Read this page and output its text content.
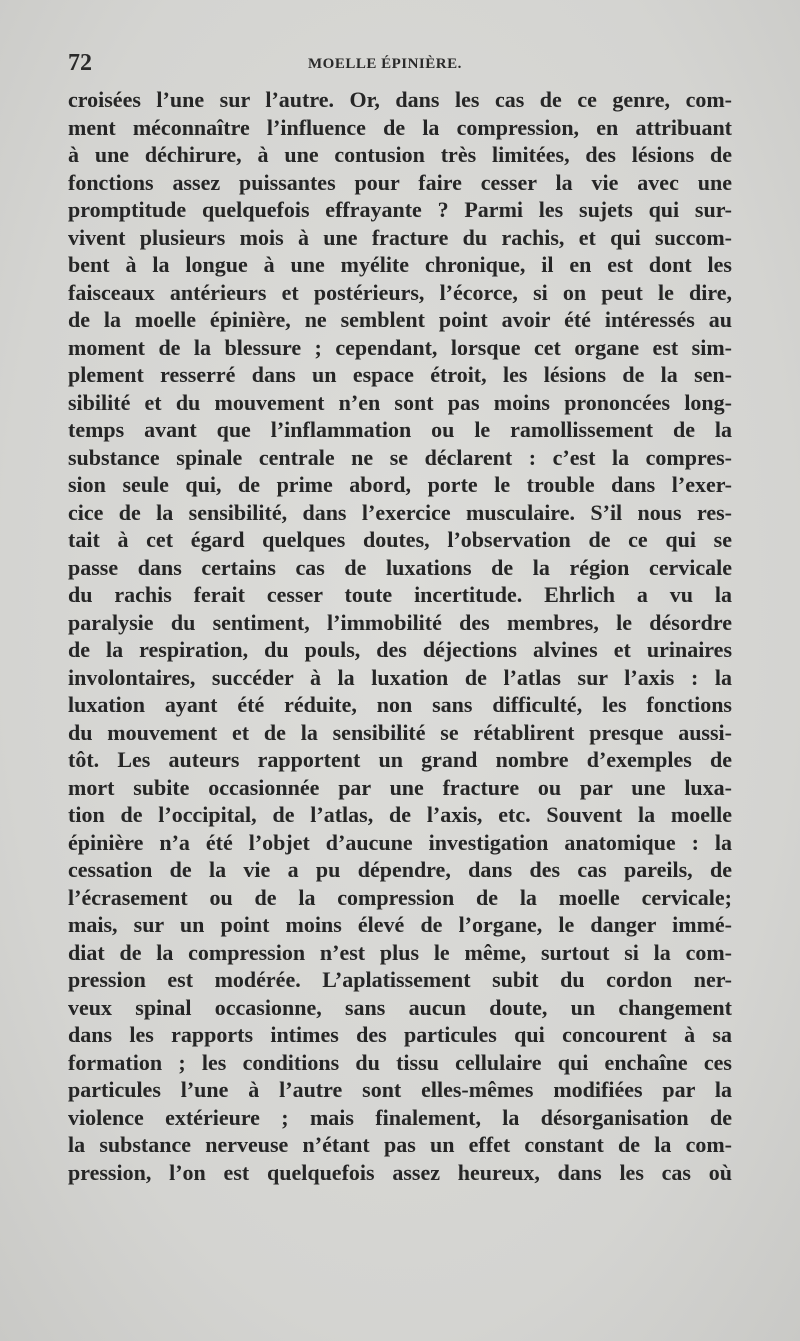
72	MOELLE ÉPINIÈRE.
croisées l’une sur l’autre. Or, dans les cas de ce genre, com-
ment méconnaître l’influence de la compression, en attribuant
à une déchirure, à une contusion très limitées, des lésions de
fonctions assez puissantes pour faire cesser la vie avec une
promptitude quelquefois effrayante ? Parmi les sujets qui sur-
vivent plusieurs mois à une fracture du rachis, et qui succom-
bent à la longue à une myélite chronique, il en est dont les
faisceaux antérieurs et postérieurs, l’écorce, si on peut le dire,
de la moelle épinière, ne semblent point avoir été intéressés au
moment de la blessure ; cependant, lorsque cet organe est sim-
plement resserré dans un espace étroit, les lésions de la sen-
sibilité et du mouvement n’en sont pas moins prononcées long-
temps avant que l’inflammation ou le ramollissement de la
substance spinale centrale ne se déclarent : c’est la compres-
sion seule qui, de prime abord, porte le trouble dans l’exer-
cice de la sensibilité, dans l’exercice musculaire. S’il nous res-
tait à cet égard quelques doutes, l’observation de ce qui se
passe dans certains cas de luxations de la région cervicale
du rachis ferait cesser toute incertitude. Ehrlich a vu la
paralysie du sentiment, l’immobilité des membres, le désordre
de la respiration, du pouls, des déjections alvines et urinaires
involontaires, succéder à la luxation de l’atlas sur l’axis : la
luxation ayant été réduite, non sans difficulté, les fonctions
du mouvement et de la sensibilité se rétablirent presque aussi-
tôt. Les auteurs rapportent un grand nombre d’exemples de
mort subite occasionnée par une fracture ou par une luxa-
tion de l’occipital, de l’atlas, de l’axis, etc. Souvent la moelle
épinière n’a été l’objet d’aucune investigation anatomique : la
cessation de la vie a pu dépendre, dans des cas pareils, de
l’écrasement ou de la compression de la moelle cervicale;
mais, sur un point moins élevé de l’organe, le danger immé-
diat de la compression n’est plus le même, surtout si la com-
pression est modérée. L’aplatissement subit du cordon ner-
veux spinal occasionne, sans aucun doute, un changement
dans les rapports intimes des particules qui concourent à sa
formation ; les conditions du tissu cellulaire qui enchaîne ces
particules l’une à l’autre sont elles-mêmes modifiées par la
violence extérieure ; mais finalement, la désorganisation de
la substance nerveuse n’étant pas un effet constant de la com-
pression, l’on est quelquefois assez heureux, dans les cas où
